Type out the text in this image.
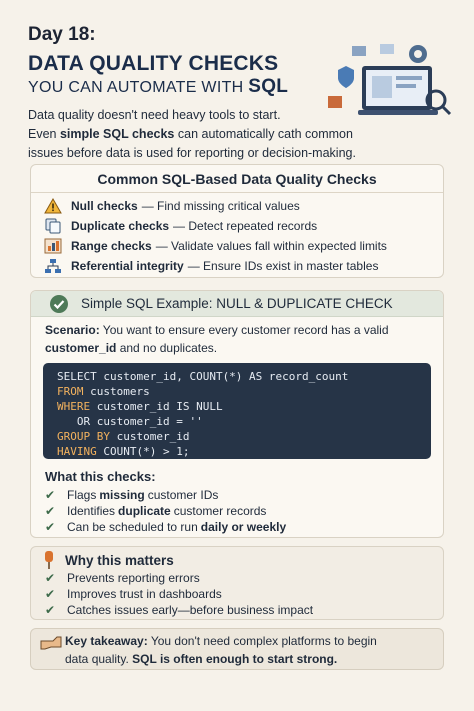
Day 18:
DATA QUALITY CHECKS
YOU CAN AUTOMATE WITH SQL
Data quality doesn't need heavy tools to start.
Even simple SQL checks can automatically cath common
issues before data is used for reporting or decision-making.
Common SQL-Based Data Quality Checks
Null checks — Find missing critical values
Duplicate checks — Detect repeated records
Range checks — Validate values fall within expected limits
Referential integrity — Ensure IDs exist in master tables
Simple SQL Example: NULL & DUPLICATE CHECK
Scenario: You want to ensure every customer record has a valid
customer_id and no duplicates.
SELECT customer_id, COUNT(*) AS record_count
FROM customers
WHERE customer_id IS NULL
OR customer_id = ''
GROUP BY customer_id
HAVING COUNT(*) > 1;
What this checks:
✔ Flags missing customer IDs
✔ Identifies duplicate customer records
✔ Can be scheduled to run daily or weekly
Why this matters
✔ Prevents reporting errors
✔ Improves trust in dashboards
✔ Catches issues early—before business impact
Key takeaway: You don't need complex platforms to begin
data quality. SQL is often enough to start strong.
